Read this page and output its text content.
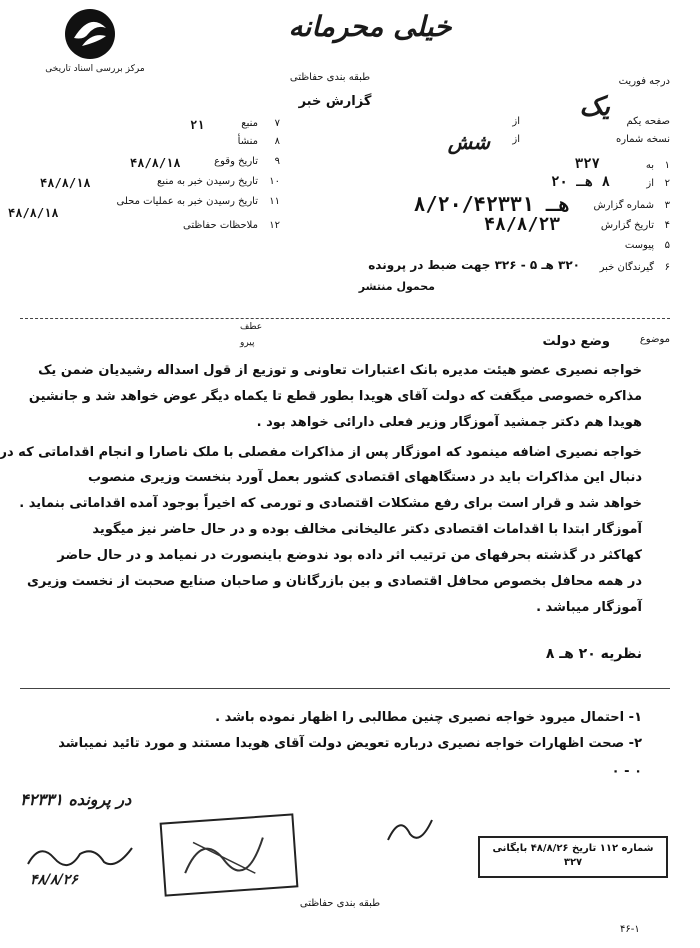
مرکز بررسی اسناد تاریخی
خیلی محرمانه
طبقه بندی حفاظتی
گزارش خبر
درجه فوریت
منبع ۷
۲۱
منشأ ۸
تاریخ وقوع ۹
۴۸/۸/۱۸
تاریخ رسیدن خبر به منبع ۱۰
۴۸/۸/۱۸
تاریخ رسیدن خبر به عملیات محلی ۱۱
۴۸/۸/۱۸
ملاحظات حفاظتی ۱۲
صفحه یکم
از یک
نسخه شماره
از
شش
۱
به
۳۲۷
۲
از
۸ هـ ۲۰
۳
شماره گزارش
۸/هـ ۲۰/۴۲۳۳۱
۴
تاریخ گزارش
۴۸/۸/۲۳
۵
پیوست
۶
گیرندگان خبر
۳۲۰ هـ ۵ - ۳۲۶ جهت ضبط در پرونده
محمول منتشر
عطف
پیرو	موضوع
وضع دولت
خواجه نصیری عضو هیئت مدیره بانک اعتبارات تعاونی و توزیع از قول اسداله رشیدیان ضمن یک
مذاکره خصوصی میگفت که دولت آقای هویدا بطور قطع تا یکماه دیگر عوض خواهد شد و جانشین
هویدا هم دکتر جمشید آموزگار وزیر فعلی دارائی خواهد بود .
خواجه نصیری اضافه مینمود که اموزگار پس از مذاکرات مفصلی با ملک ناصارا و انجام اقداماتی که در
دنبال این مذاکرات باید در دستگاههای اقتصادی کشور بعمل آورد بنخست وزیری منصوب
خواهد شد و قرار است برای رفع مشکلات اقتصادی و تورمی که اخیراً بوجود آمده اقداماتی بنماید .
آموزگار ابتدا با اقدامات اقتصادی دکتر عالیخانی مخالف بوده و در حال حاضر نیز میگوید
کهاکثر در گذشته بحرفهای من ترتیب اثر داده بود ندوضع باینصورت در نمیامد و در حال حاضر
در همه محافل بخصوص محافل اقتصادی و بین بازرگانان و صاحبان صنایع صحبت از نخست وزیری
آموزگار میباشد .
نظریه ۲۰ هـ ۸
۱- احتمال میرود خواجه نصیری چنین مطالبی را اظهار نموده باشد .
۲- صحت اظهارات خواجه نصیری درباره تعویض دولت آقای هویدا مستند و مورد تائید نمیباشد
۰ - ۰
در پرونده ۴۲۳۳۱
۴۸/۸/۲۶
شماره ۱۱۲ تاریخ ۴۸/۸/۲۶ بایگانی ۳۲۷
طبقه بندی حفاظتی
۴۶-۱
